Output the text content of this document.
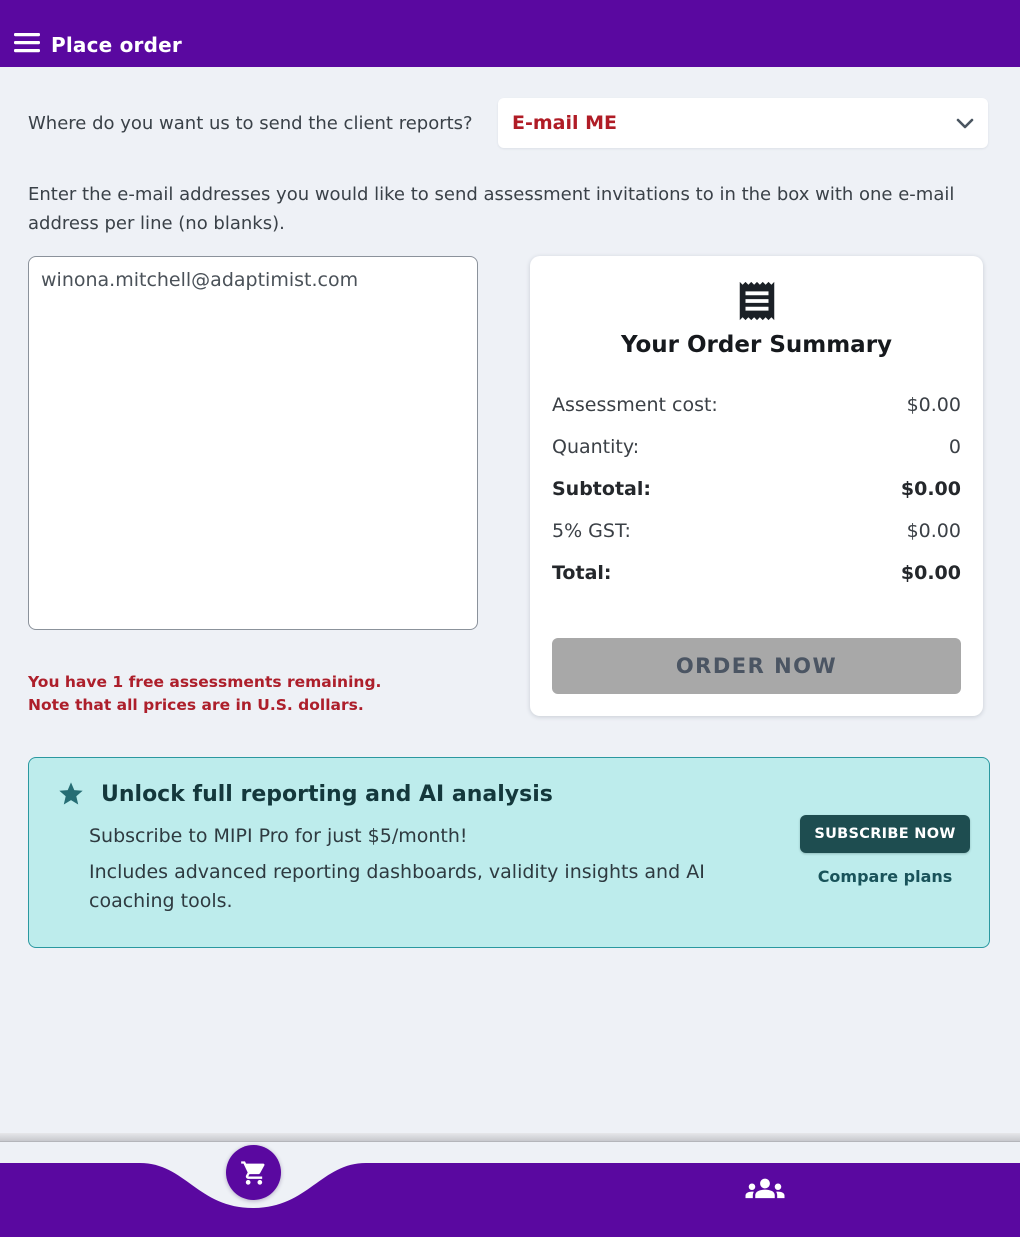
Place order
Where do you want us to send the client reports?	E-mail ME

Enter the e-mail addresses you would like to send assessment invitations to in the box with one e-mail address per line (no blanks).

winona.mitchell@adaptimist.com
Your Order Summary
Assessment cost:	$0.00
Quantity:	0
Subtotal:	$0.00
5% GST:	$0.00
Total:	$0.00
ORDER NOW
You have 1 free assessments remaining.
Note that all prices are in U.S. dollars.
Unlock full reporting and AI analysis

Subscribe to MIPI Pro for just $5/month!

Includes advanced reporting dashboards, validity insights and AI coaching tools.

SUBSCRIBE NOW Compare plans
